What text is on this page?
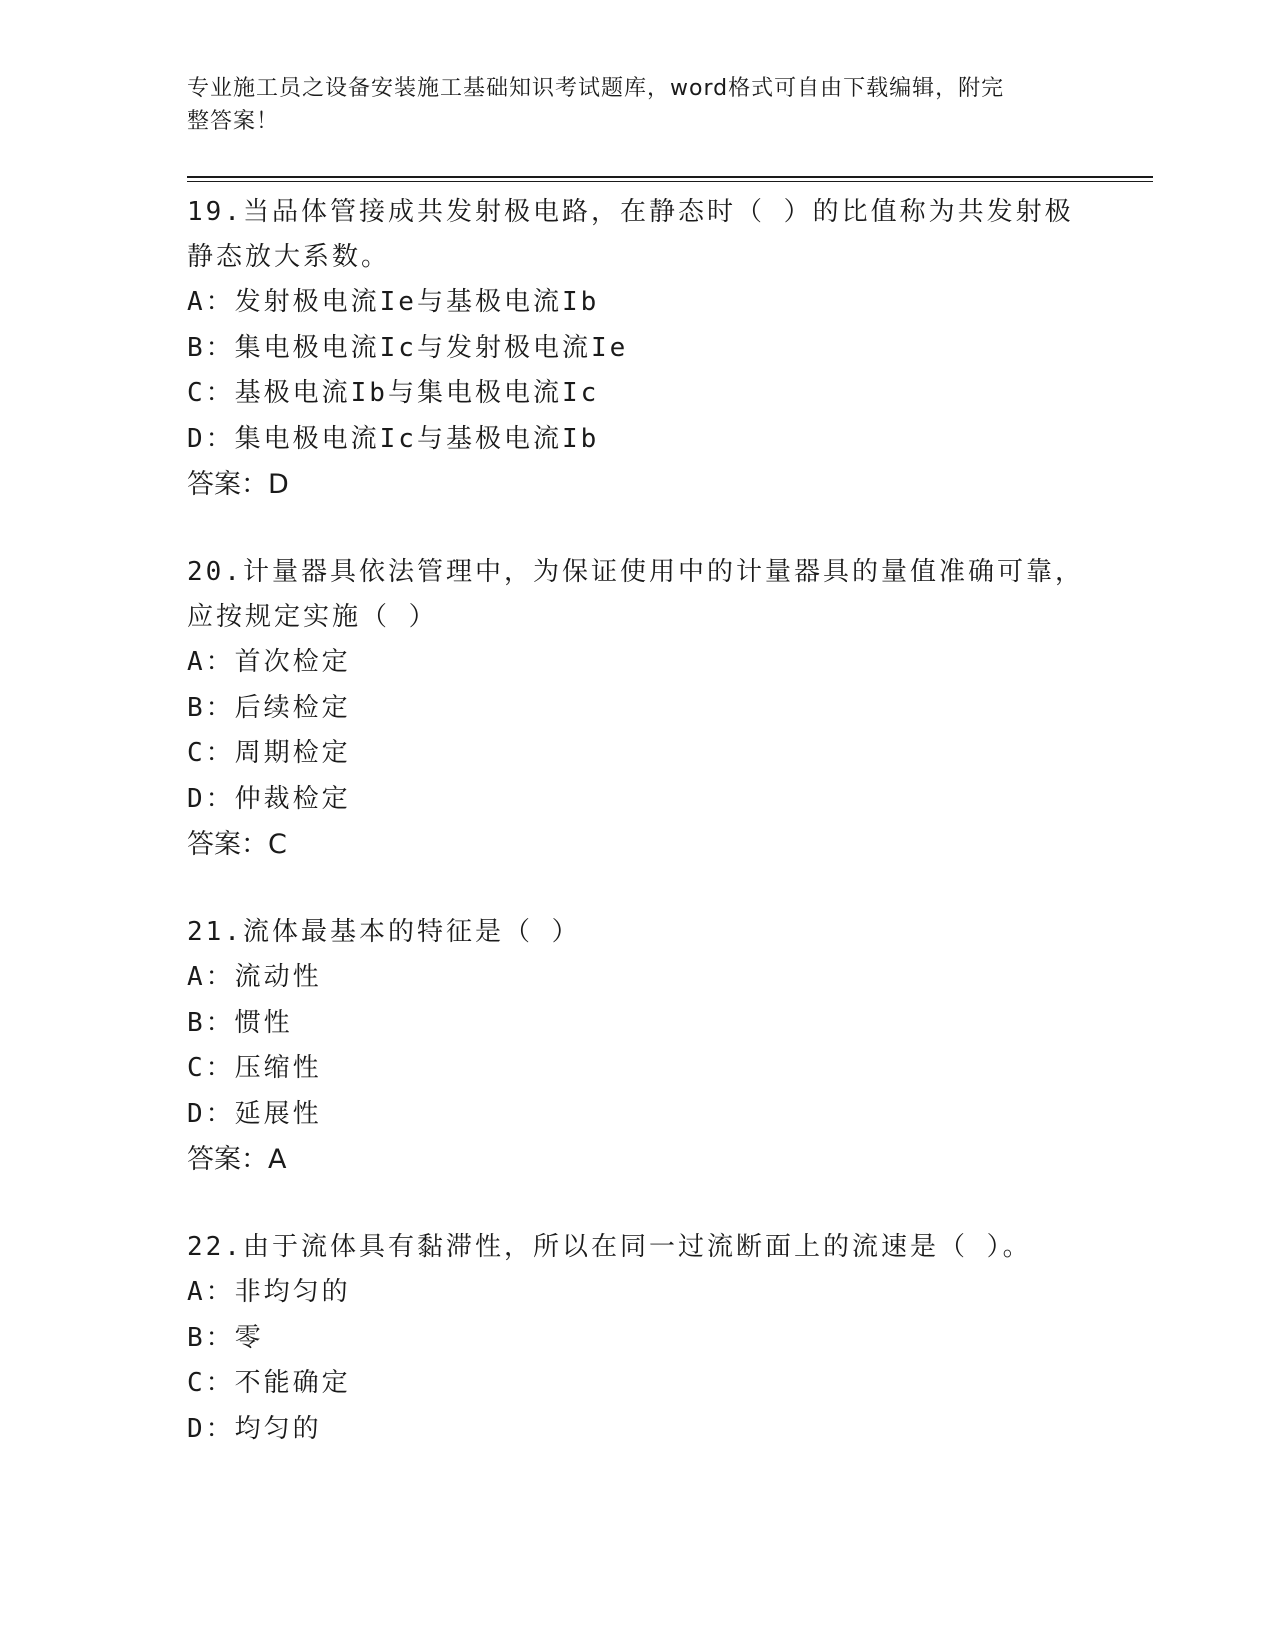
专业施工员之设备安装施工基础知识考试题库，word格式可自由下载编辑，附完
整答案！

19.当品体管接成共发射极电路，在静态时（ ）的比值称为共发射极

静态放大系数。

A：发射极电流Ie与基极电流Ib

B：集电极电流Ic与发射极电流Ie

C：基极电流Ib与集电极电流Ic

D：集电极电流Ic与基极电流Ib

答案：D

20.计量器具依法管理中，为保证使用中的计量器具的量值准确可靠，

应按规定实施（ ）

A：首次检定

B：后续检定

C：周期检定

D：仲裁检定

答案：C

21.流体最基本的特征是（ ）

A：流动性

B：惯性

C：压缩性

D：延展性

答案：A

22.由于流体具有黏滞性，所以在同一过流断面上的流速是（ ）。

A：非均匀的

B：零

C：不能确定

D：均匀的
